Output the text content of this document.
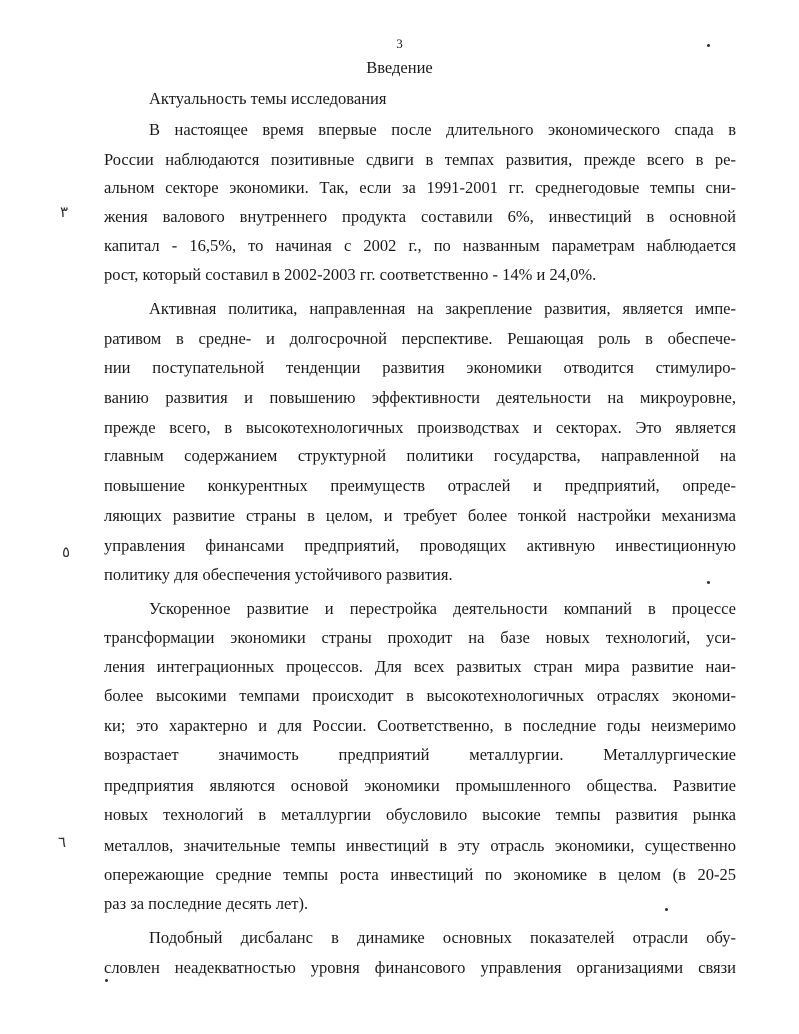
3
Введение
Актуальность темы исследования
В настоящее время впервые после длительного экономического спада в
России наблюдаются позитивные сдвиги в темпах развития, прежде всего в ре-
альном секторе экономики. Так, если за 1991-2001 гг. среднегодовые темпы сни-
жения валового внутреннего продукта составили 6%, инвестиций в основной
капитал - 16,5%, то начиная с 2002 г., по названным параметрам наблюдается
рост, который составил в 2002-2003 гг. соответственно - 14% и 24,0%.
Активная политика, направленная на закрепление развития, является импе-
ративом в средне- и долгосрочной перспективе. Решающая роль в обеспече-
нии поступательной тенденции развития экономики отводится стимулиро-
ванию развития и повышению эффективности деятельности на микроуровне,
прежде всего, в высокотехнологичных производствах и секторах. Это является
главным содержанием структурной политики государства, направленной на
повышение конкурентных преимуществ отраслей и предприятий, опреде-
ляющих развитие страны в целом, и требует более тонкой настройки механизма
управления финансами предприятий, проводящих активную инвестиционную
политику для обеспечения устойчивого развития.
Ускоренное развитие и перестройка деятельности компаний в процессе
трансформации экономики страны проходит на базе новых технологий, уси-
ления интеграционных процессов. Для всех развитых стран мира развитие наи-
более высокими темпами происходит в высокотехнологичных отраслях экономи-
ки; это характерно и для России. Соответственно, в последние годы неизмеримо
возрастает значимость предприятий металлургии. Металлургические
предприятия являются основой экономики промышленного общества. Развитие
новых технологий в металлургии обусловило высокие темпы развития рынка
металлов, значительные темпы инвестиций в эту отрасль экономики, существенно
опережающие средние темпы роста инвестиций по экономике в целом (в 20-25
раз за последние десять лет).
Подобный дисбаланс в динамике основных показателей отрасли обу-
словлен неадекватностью уровня финансового управления организациями связи
٣
٥
٦
